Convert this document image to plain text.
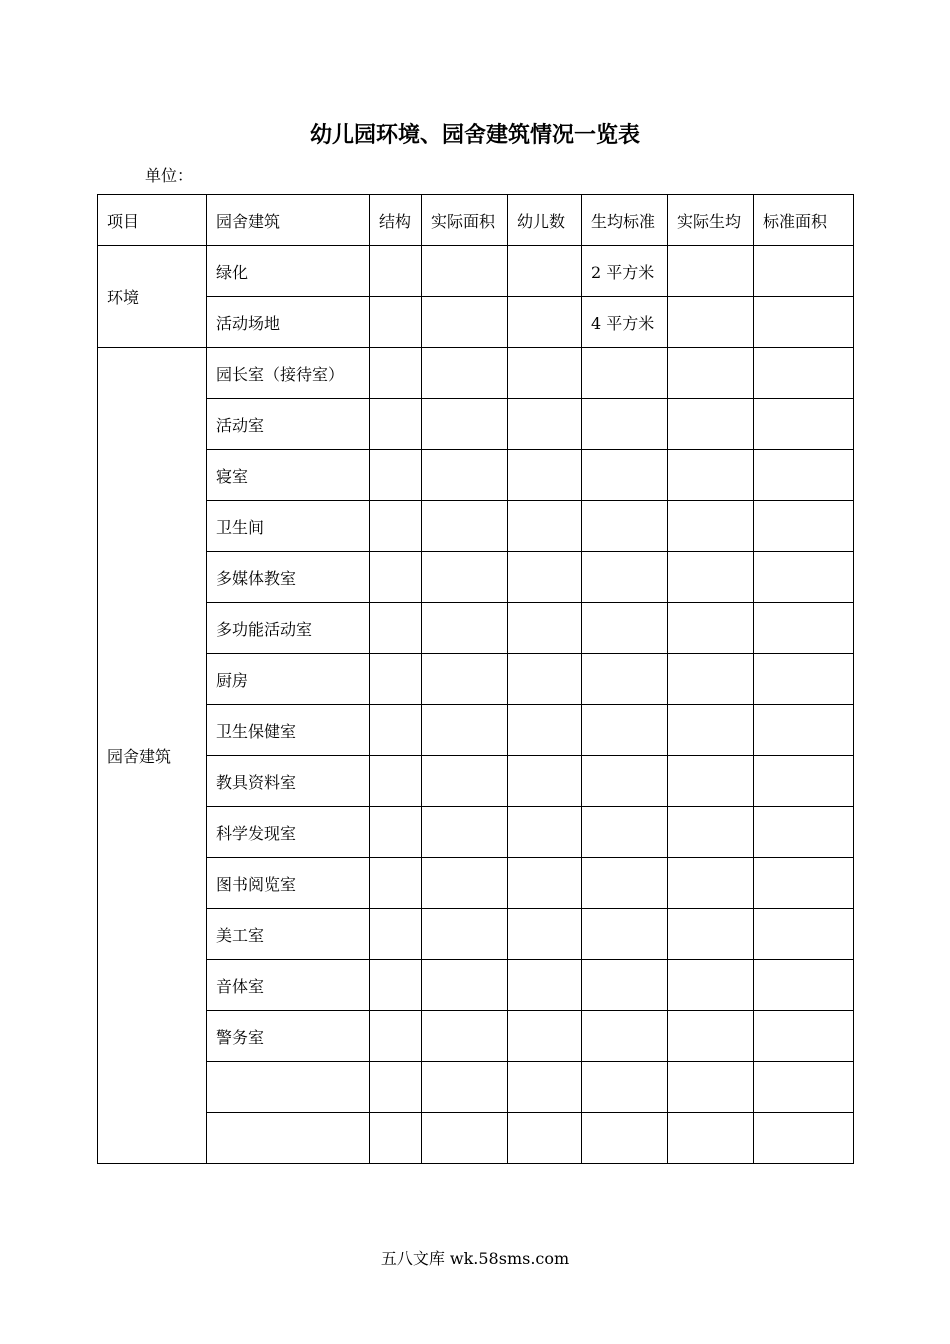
幼儿园环境、园舍建筑情况一览表
单位：
项目	园舍建筑	结构	实际面积	幼儿数	生均标准	实际生均	标准面积
环境	绿化				2 平方米		
	活动场地				4 平方米		
园舍建筑	园长室（接待室）						
	活动室						
	寝室						
	卫生间						
	多媒体教室						
	多功能活动室						
	厨房						
	卫生保健室						
	教具资料室						
	科学发现室						
	图书阅览室						
	美工室						
	音体室						
	警务室						

五八文库 wk.58sms.com
